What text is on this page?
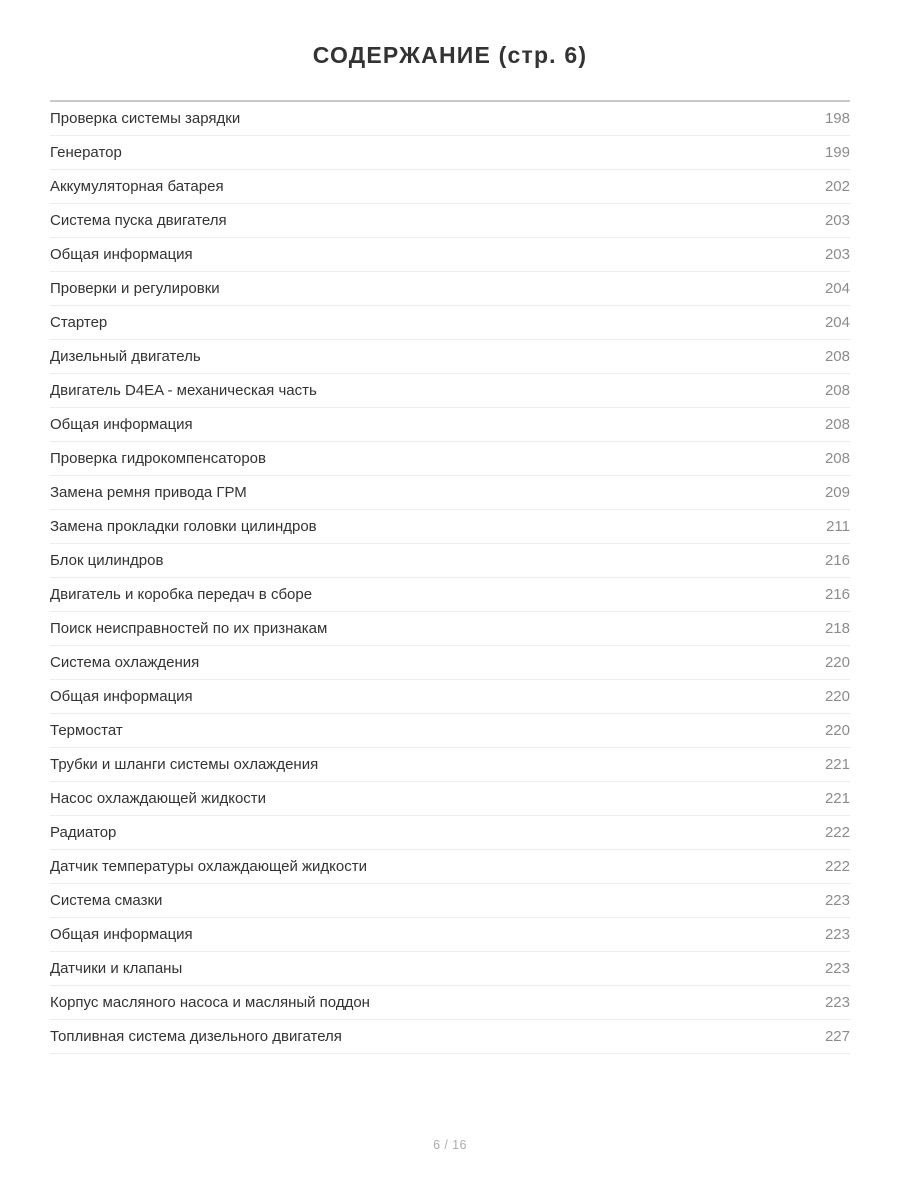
СОДЕРЖАНИЕ (стр. 6)
Проверка системы зарядки	198
Генератор	199
Аккумуляторная батарея	202
Система пуска двигателя	203
Общая информация	203
Проверки и регулировки	204
Стартер	204
Дизельный двигатель	208
Двигатель D4EA - механическая часть	208
Общая информация	208
Проверка гидрокомпенсаторов	208
Замена ремня привода ГРМ	209
Замена прокладки головки цилиндров	211
Блок цилиндров	216
Двигатель и коробка передач в сборе	216
Поиск неисправностей по их признакам	218
Система охлаждения	220
Общая информация	220
Термостат	220
Трубки и шланги системы охлаждения	221
Насос охлаждающей жидкости	221
Радиатор	222
Датчик температуры охлаждающей жидкости	222
Система смазки	223
Общая информация	223
Датчики и клапаны	223
Корпус масляного насоса и масляный поддон	223
Топливная система дизельного двигателя	227
6 / 16
